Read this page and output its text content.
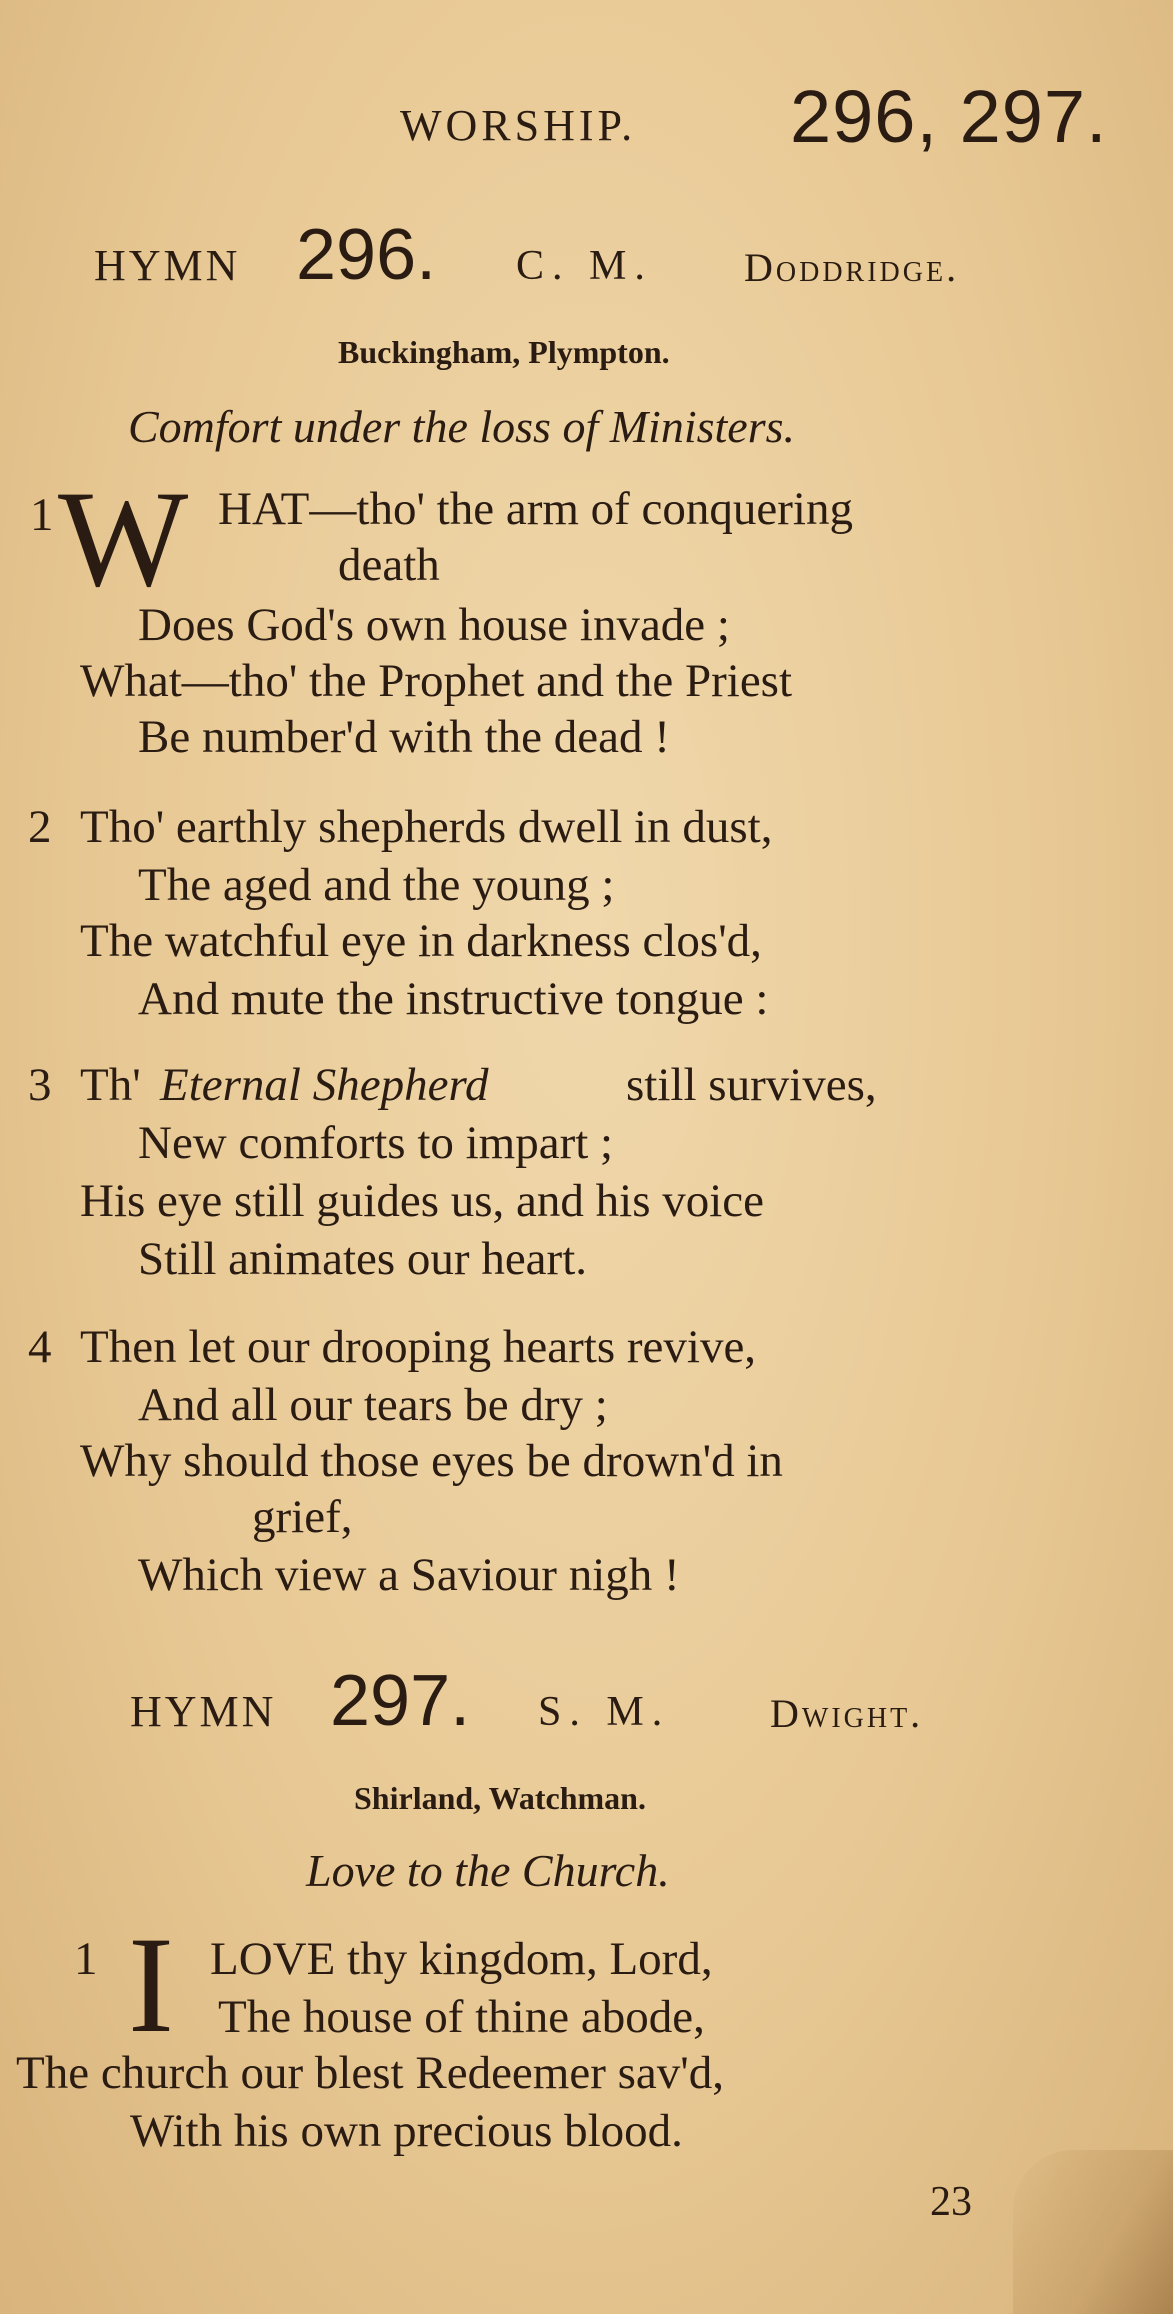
WORSHIP. 296, 297.
HYMN 296. C. M. Doddridge.
Buckingham, Plympton.
Comfort under the loss of Ministers.
1 W HAT—tho' the arm of conquering
death
Does God's own house invade ;
What—tho' the Prophet and the Priest
Be number'd with the dead !
2 Tho' earthly shepherds dwell in dust,
The aged and the young ;
The watchful eye in darkness clos'd,
And mute the instructive tongue :
3 Th' Eternal Shepherd	still survives,
New comforts to impart ;
His eye still guides us, and his voice
Still animates our heart.
4 Then let our drooping hearts revive,
And all our tears be dry ;
Why should those eyes be drown'd in
grief,
Which view a Saviour nigh !
HYMN 297. S. M. Dwight.
Shirland, Watchman.
Love to the Church.
1 I LOVE thy kingdom, Lord,
The house of thine abode,
The church our blest Redeemer sav'd,
With his own precious blood.
23
